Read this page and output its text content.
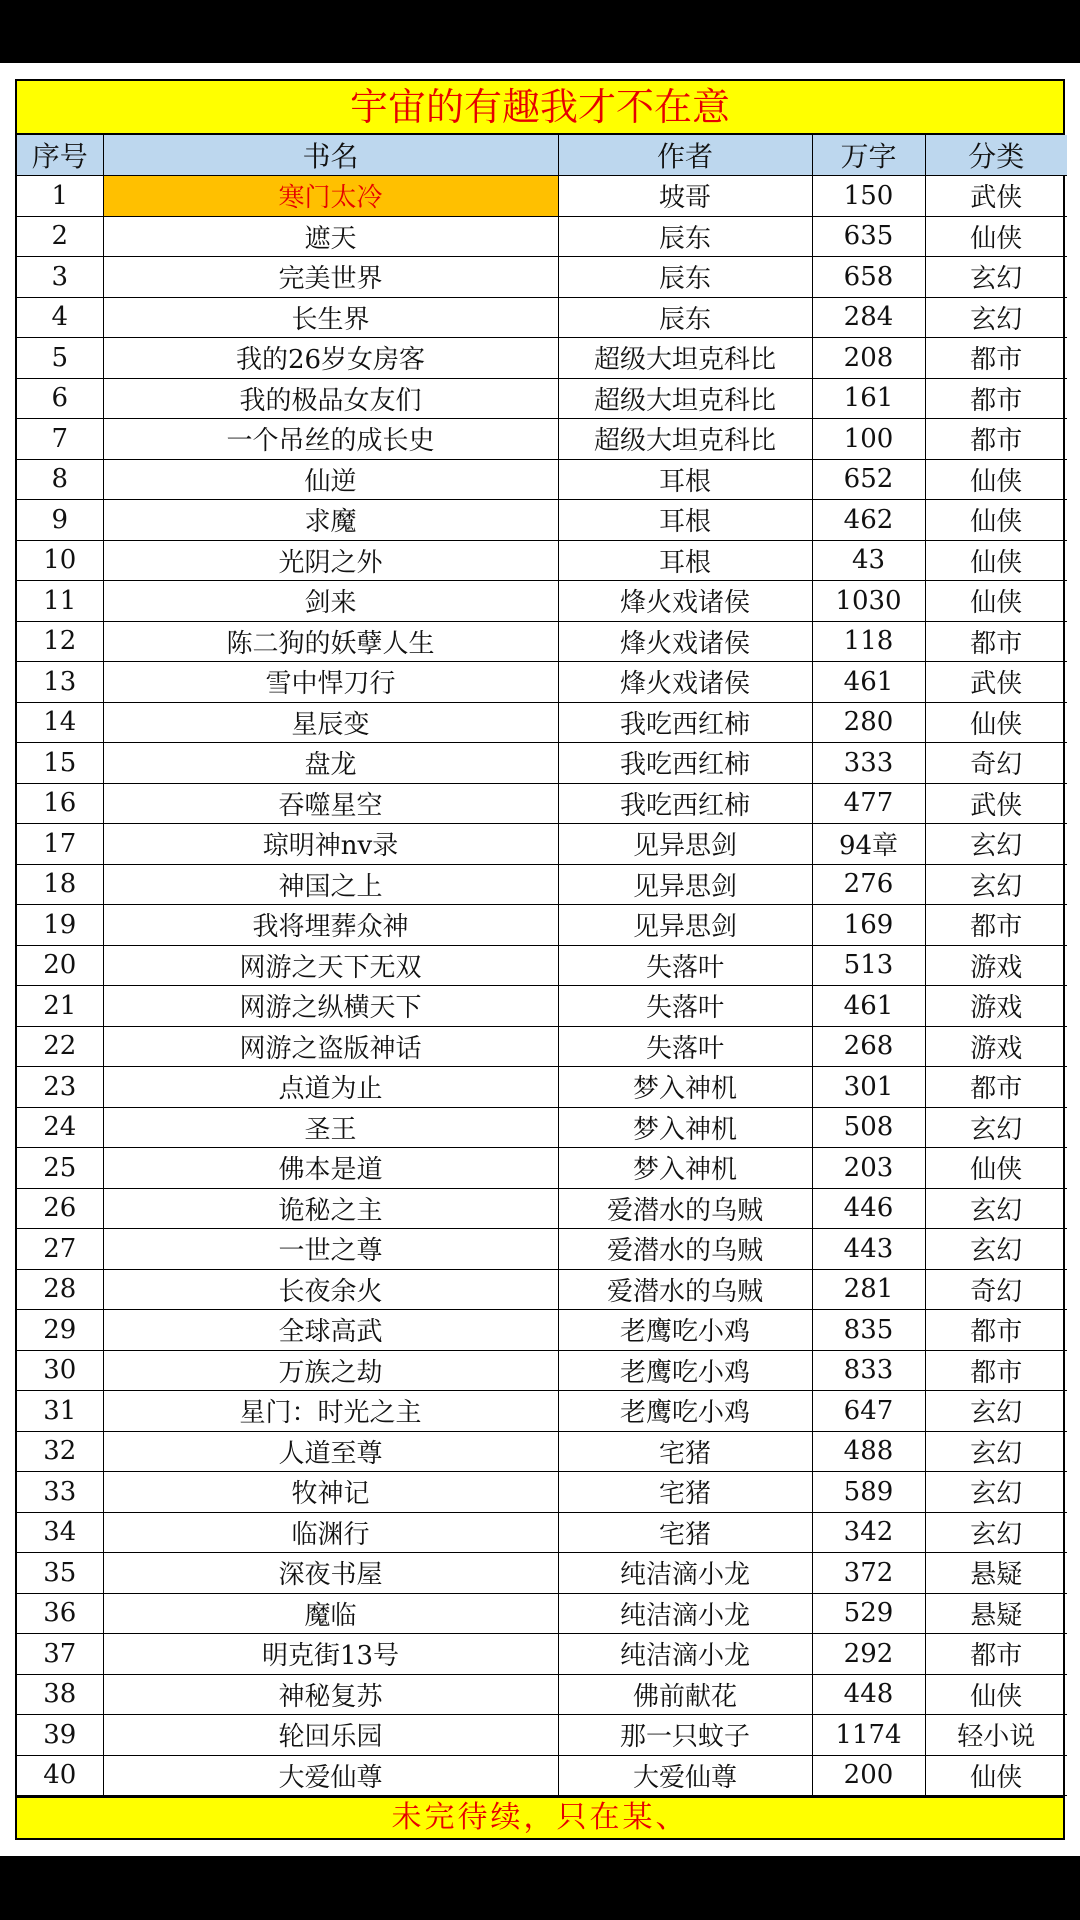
宇宙的有趣我才不在意
序号	书名	作者	万字	分类
1	寒门太冷	坡哥	150	武侠
2	遮天	辰东	635	仙侠
3	完美世界	辰东	658	玄幻
4	长生界	辰东	284	玄幻
5	我的26岁女房客	超级大坦克科比	208	都市
6	我的极品女友们	超级大坦克科比	161	都市
7	一个吊丝的成长史	超级大坦克科比	100	都市
8	仙逆	耳根	652	仙侠
9	求魔	耳根	462	仙侠
10	光阴之外	耳根	43	仙侠
11	剑来	烽火戏诸侯	1030	仙侠
12	陈二狗的妖孽人生	烽火戏诸侯	118	都市
13	雪中悍刀行	烽火戏诸侯	461	武侠
14	星辰变	我吃西红柿	280	仙侠
15	盘龙	我吃西红柿	333	奇幻
16	吞噬星空	我吃西红柿	477	武侠
17	琼明神nv录	见异思剑	94章	玄幻
18	神国之上	见异思剑	276	玄幻
19	我将埋葬众神	见异思剑	169	都市
20	网游之天下无双	失落叶	513	游戏
21	网游之纵横天下	失落叶	461	游戏
22	网游之盗版神话	失落叶	268	游戏
23	点道为止	梦入神机	301	都市
24	圣王	梦入神机	508	玄幻
25	佛本是道	梦入神机	203	仙侠
26	诡秘之主	爱潜水的乌贼	446	玄幻
27	一世之尊	爱潜水的乌贼	443	玄幻
28	长夜余火	爱潜水的乌贼	281	奇幻
29	全球高武	老鹰吃小鸡	835	都市
30	万族之劫	老鹰吃小鸡	833	都市
31	星门：时光之主	老鹰吃小鸡	647	玄幻
32	人道至尊	宅猪	488	玄幻
33	牧神记	宅猪	589	玄幻
34	临渊行	宅猪	342	玄幻
35	深夜书屋	纯洁滴小龙	372	悬疑
36	魔临	纯洁滴小龙	529	悬疑
37	明克街13号	纯洁滴小龙	292	都市
38	神秘复苏	佛前献花	448	仙侠
39	轮回乐园	那一只蚊子	1174	轻小说
40	大爱仙尊	大爱仙尊	200	仙侠
未完待续，只在某、
